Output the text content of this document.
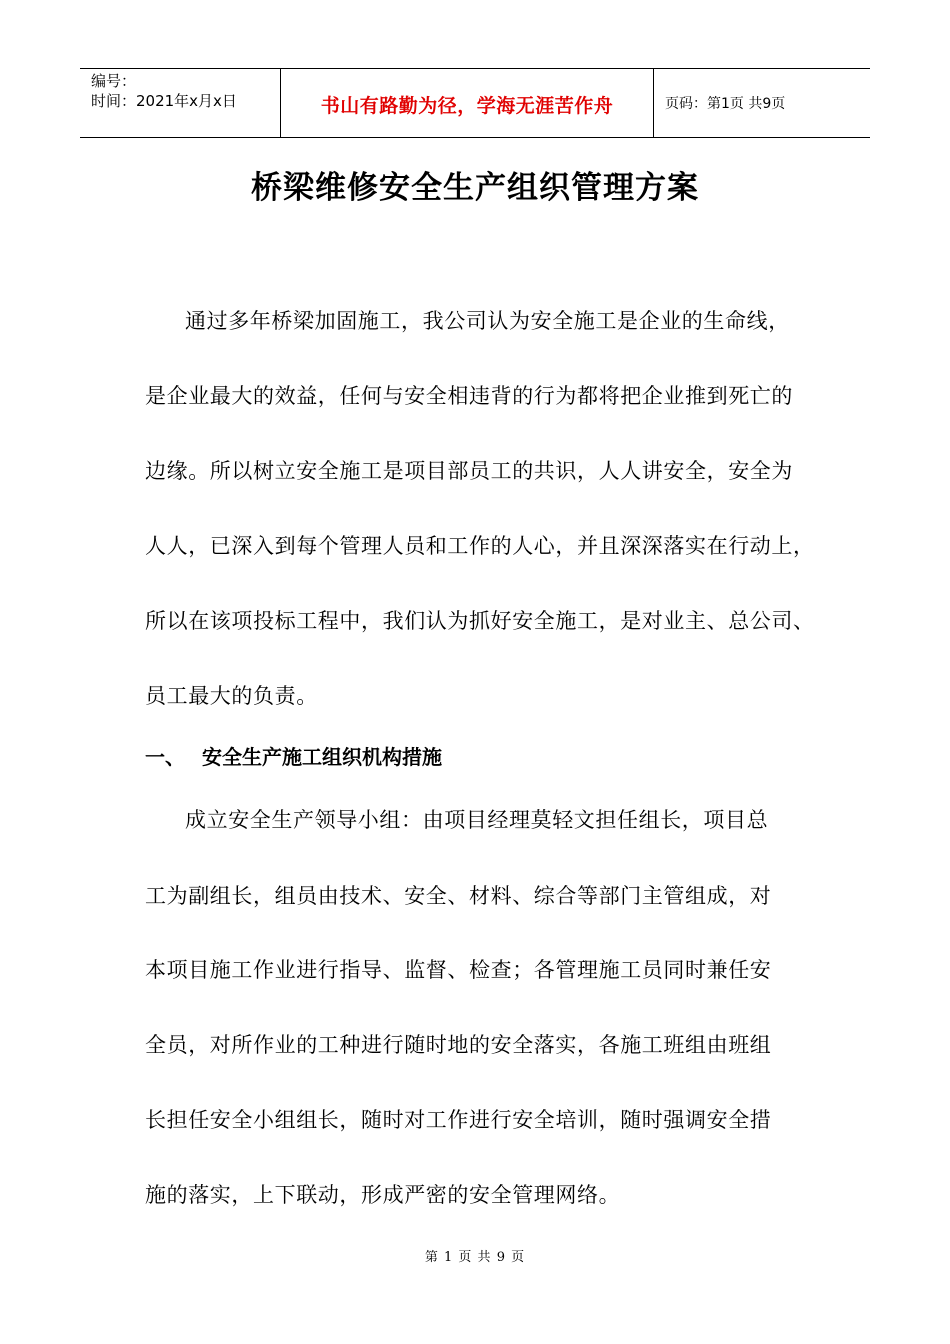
编号：
时间：2021年x月x日	书山有路勤为径，学海无涯苦作舟	页码：第1页 共9页
桥梁维修安全生产组织管理方案
通过多年桥梁加固施工，我公司认为安全施工是企业的生命线，
是企业最大的效益，任何与安全相违背的行为都将把企业推到死亡的
边缘。所以树立安全施工是项目部员工的共识，人人讲安全，安全为
人人，已深入到每个管理人员和工作的人心，并且深深落实在行动上，
所以在该项投标工程中，我们认为抓好安全施工，是对业主、总公司、
员工最大的负责。
一、 安全生产施工组织机构措施
成立安全生产领导小组：由项目经理莫轻文担任组长，项目总
工为副组长，组员由技术、安全、材料、综合等部门主管组成，对
本项目施工作业进行指导、监督、检查；各管理施工员同时兼任安
全员，对所作业的工种进行随时地的安全落实，各施工班组由班组
长担任安全小组组长，随时对工作进行安全培训，随时强调安全措
施的落实，上下联动，形成严密的安全管理网络。
第 1 页 共 9 页
